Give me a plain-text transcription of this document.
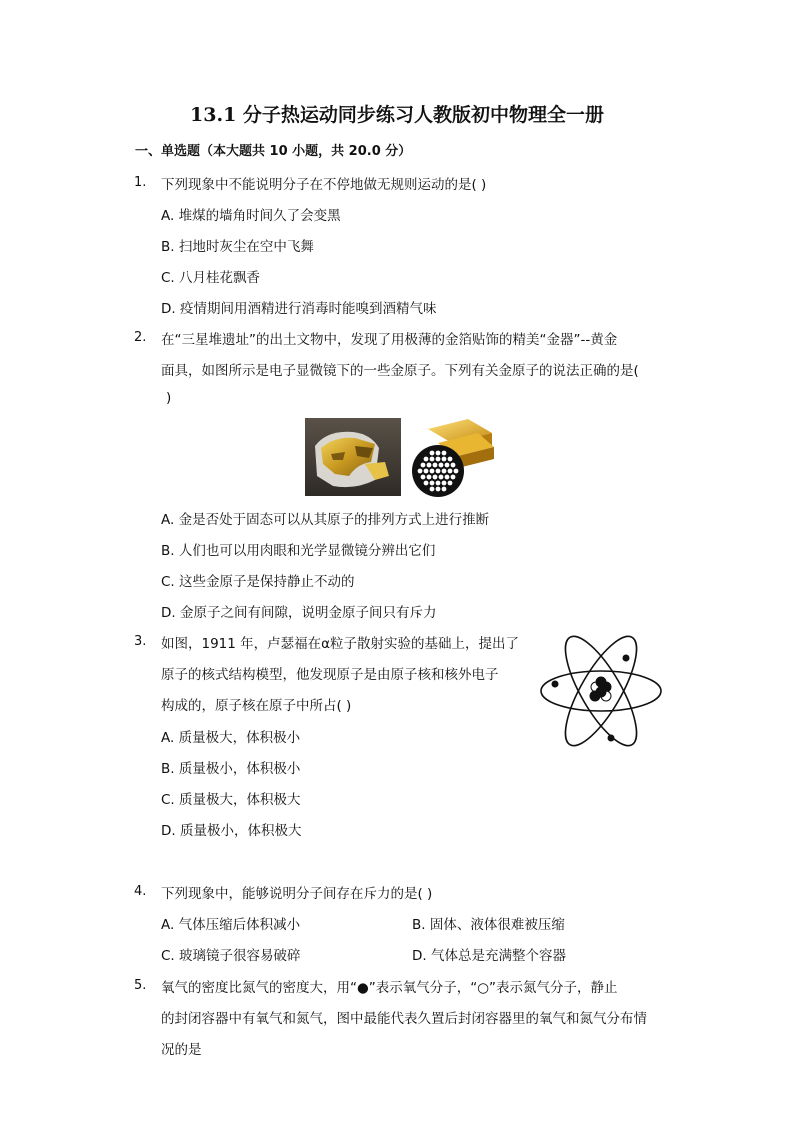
13.1 分子热运动同步练习人教版初中物理全一册
一、单选题（本大题共 10 小题，共 20.0 分）
1. 下列现象中不能说明分子在不停地做无规则运动的是( )
A. 堆煤的墙角时间久了会变黑
B. 扫地时灰尘在空中飞舞
C. 八月桂花飘香
D. 疫情期间用酒精进行消毒时能嗅到酒精气味
2. 在“三星堆遗址”的出土文物中，发现了用极薄的金箔贴饰的精美“金器”--黄金
面具，如图所示是电子显微镜下的一些金原子。下列有关金原子的说法正确的是(
)
A. 金是否处于固态可以从其原子的排列方式上进行推断
B. 人们也可以用肉眼和光学显微镜分辨出它们
C. 这些金原子是保持静止不动的
D. 金原子之间有间隙，说明金原子间只有斥力
3. 如图，1911 年，卢瑟福在α粒子散射实验的基础上，提出了
原子的核式结构模型，他发现原子是由原子核和核外电子
构成的，原子核在原子中所占( )
A. 质量极大，体积极小
B. 质量极小，体积极小
C. 质量极大，体积极大
D. 质量极小，体积极大
4. 下列现象中，能够说明分子间存在斥力的是( )
A. 气体压缩后体积减小	B. 固体、液体很难被压缩
C. 玻璃镜子很容易破碎	D. 气体总是充满整个容器
5. 氧气的密度比氮气的密度大，用“●”表示氧气分子，“○”表示氮气分子，静止
的封闭容器中有氧气和氮气，图中最能代表久置后封闭容器里的氧气和氮气分布情
况的是
